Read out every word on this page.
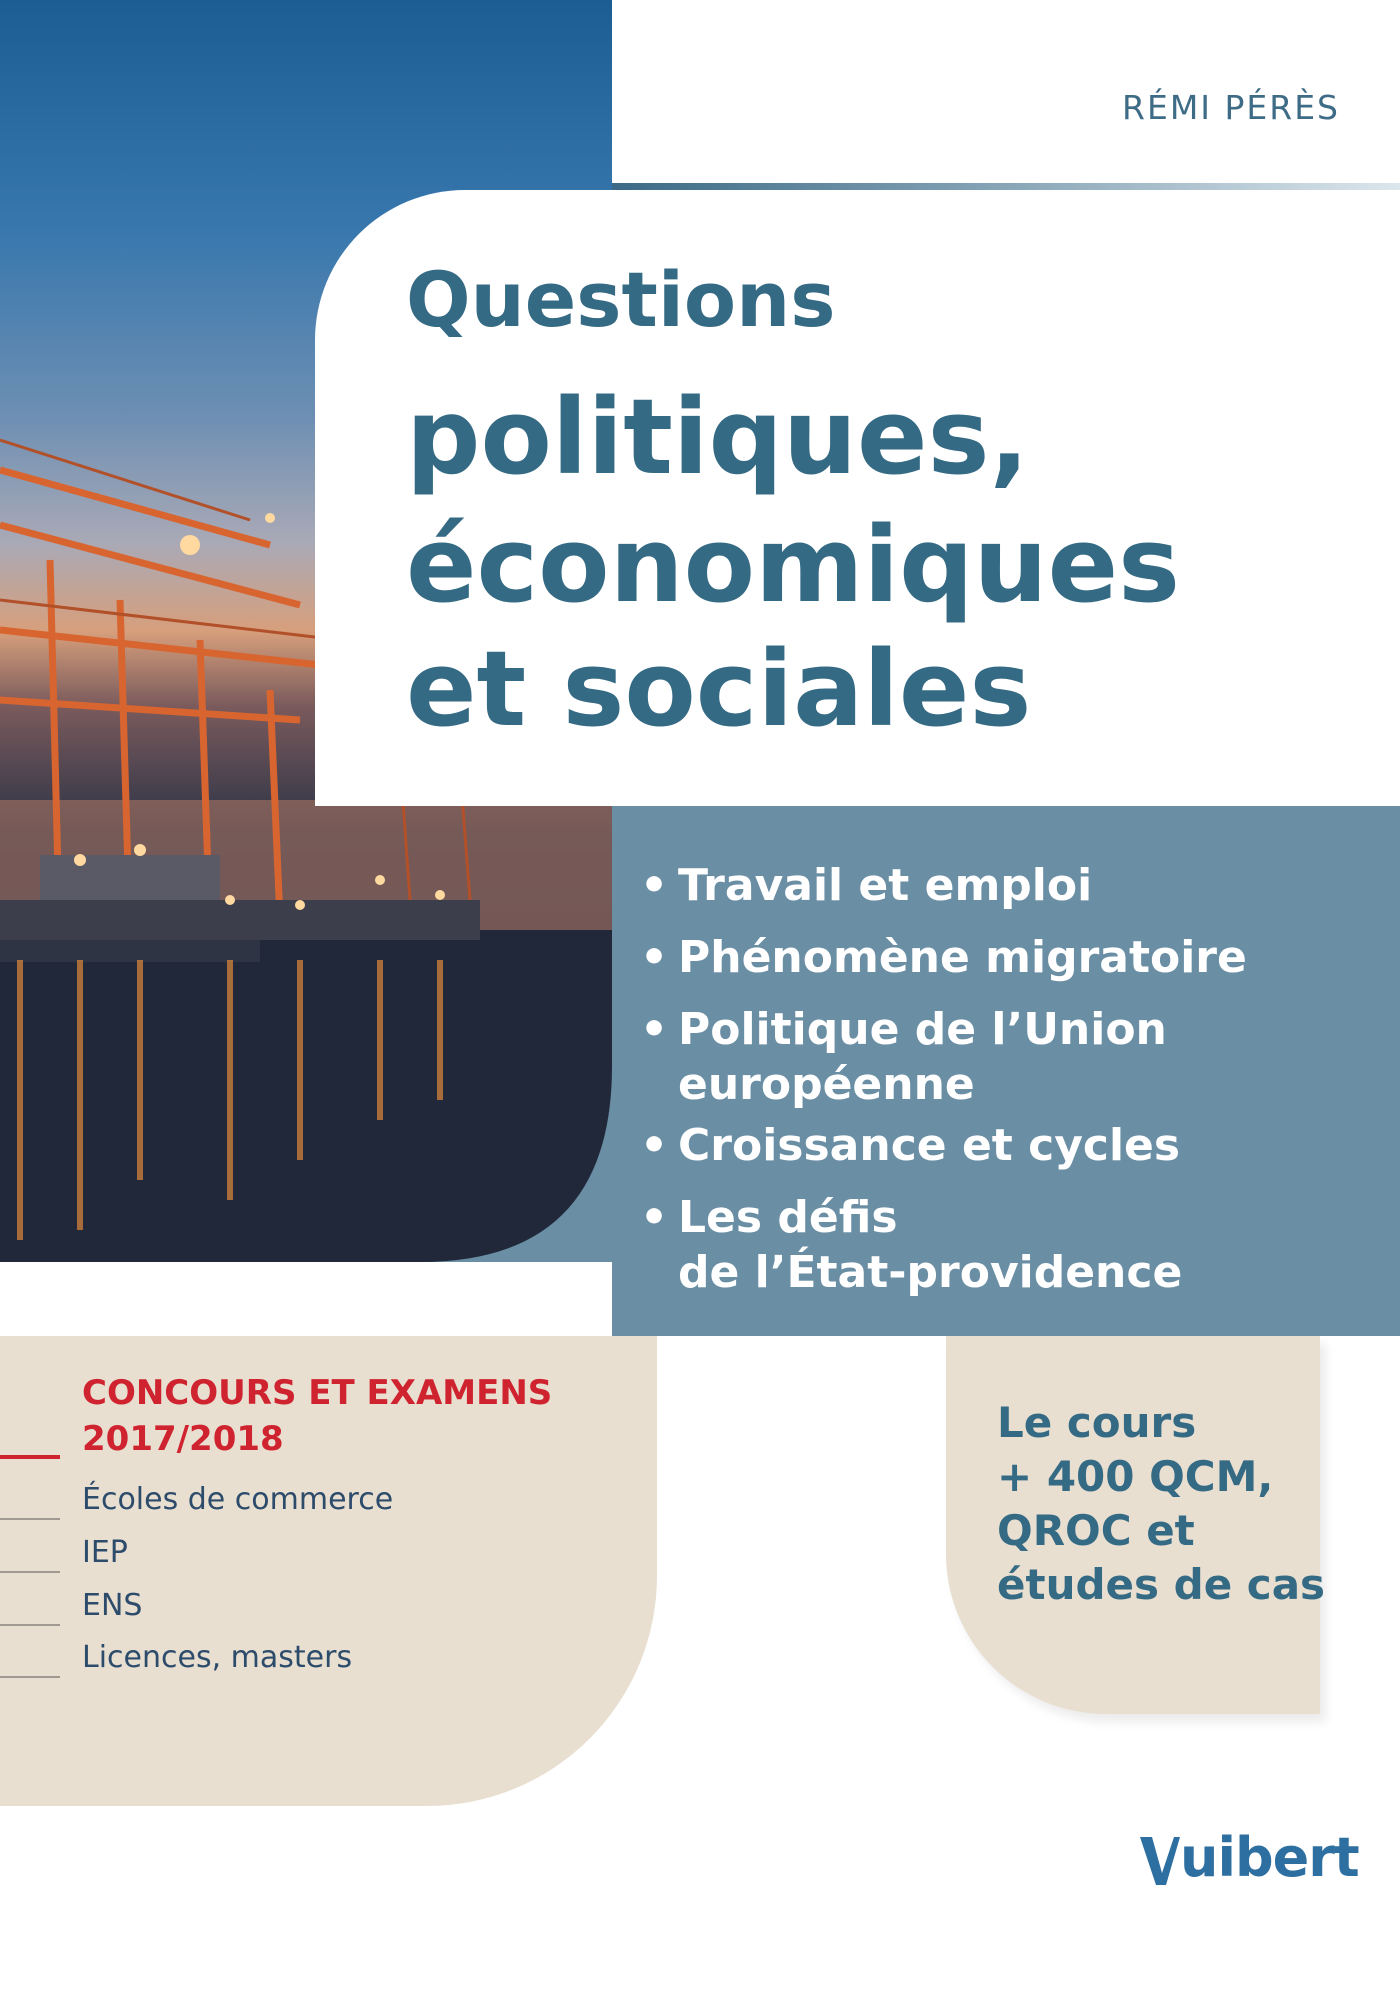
RÉMI PÉRÈS
Questions
politiques,
économiques
et sociales
• Travail et emploi
• Phénomène migratoire
• Politique de l’Union
européenne
• Croissance et cycles
• Les défis
de l’État-providence
CONCOURS ET EXAMENS
2017/2018
Écoles de commerce
IEP
ENS
Licences, masters
Le cours
+ 400 QCM,
QROC et
études de cas
uibert
